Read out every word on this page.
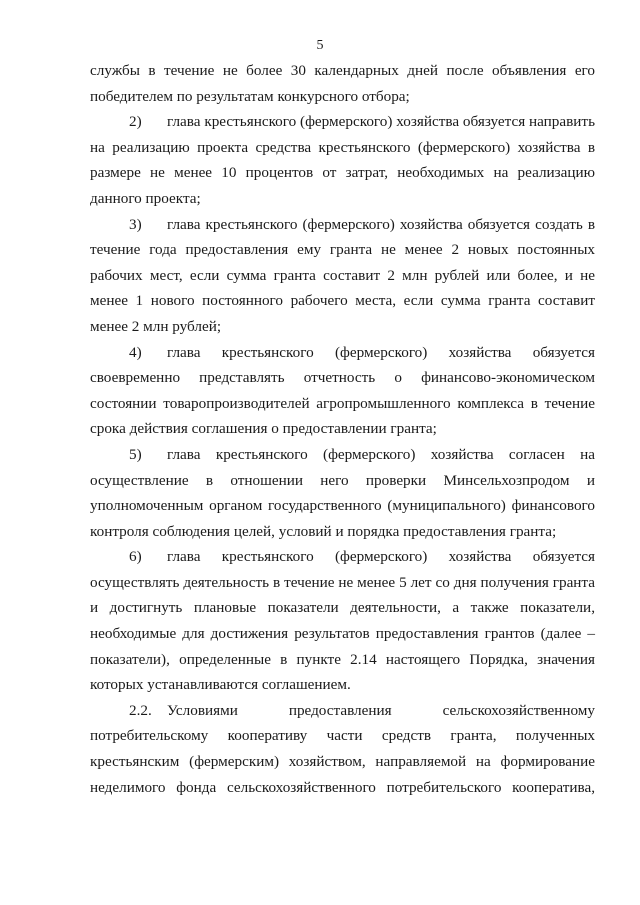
5

службы в течение не более 30 календарных дней после объявления его победителем по результатам конкурсного отбора;

2) глава крестьянского (фермерского) хозяйства обязуется направить на реализацию проекта средства крестьянского (фермерского) хозяйства в размере не менее 10 процентов от затрат, необходимых на реализацию данного проекта;

3) глава крестьянского (фермерского) хозяйства обязуется создать в течение года предоставления ему гранта не менее 2 новых постоянных рабочих мест, если сумма гранта составит 2 млн рублей или более, и не менее 1 нового постоянного рабочего места, если сумма гранта составит менее 2 млн рублей;

4) глава крестьянского (фермерского) хозяйства обязуется своевременно представлять отчетность о финансово-экономическом состоянии товаропроизводителей агропромышленного комплекса в течение срока действия соглашения о предоставлении гранта;

5) глава крестьянского (фермерского) хозяйства согласен на осуществление в отношении него проверки Минсельхозпродом и уполномоченным органом государственного (муниципального) финансового контроля соблюдения целей, условий и порядка предоставления гранта;

6) глава крестьянского (фермерского) хозяйства обязуется осуществлять деятельность в течение не менее 5 лет со дня получения гранта и достигнуть плановые показатели деятельности, а также показатели, необходимые для достижения результатов предоставления грантов (далее – показатели), определенные в пункте 2.14 настоящего Порядка, значения которых устанавливаются соглашением.

2.2. Условиями предоставления сельскохозяйственному потребительскому кооперативу части средств гранта, полученных крестьянским (фермерским) хозяйством, направляемой на формирование неделимого фонда сельскохозяйственного потребительского кооператива,
